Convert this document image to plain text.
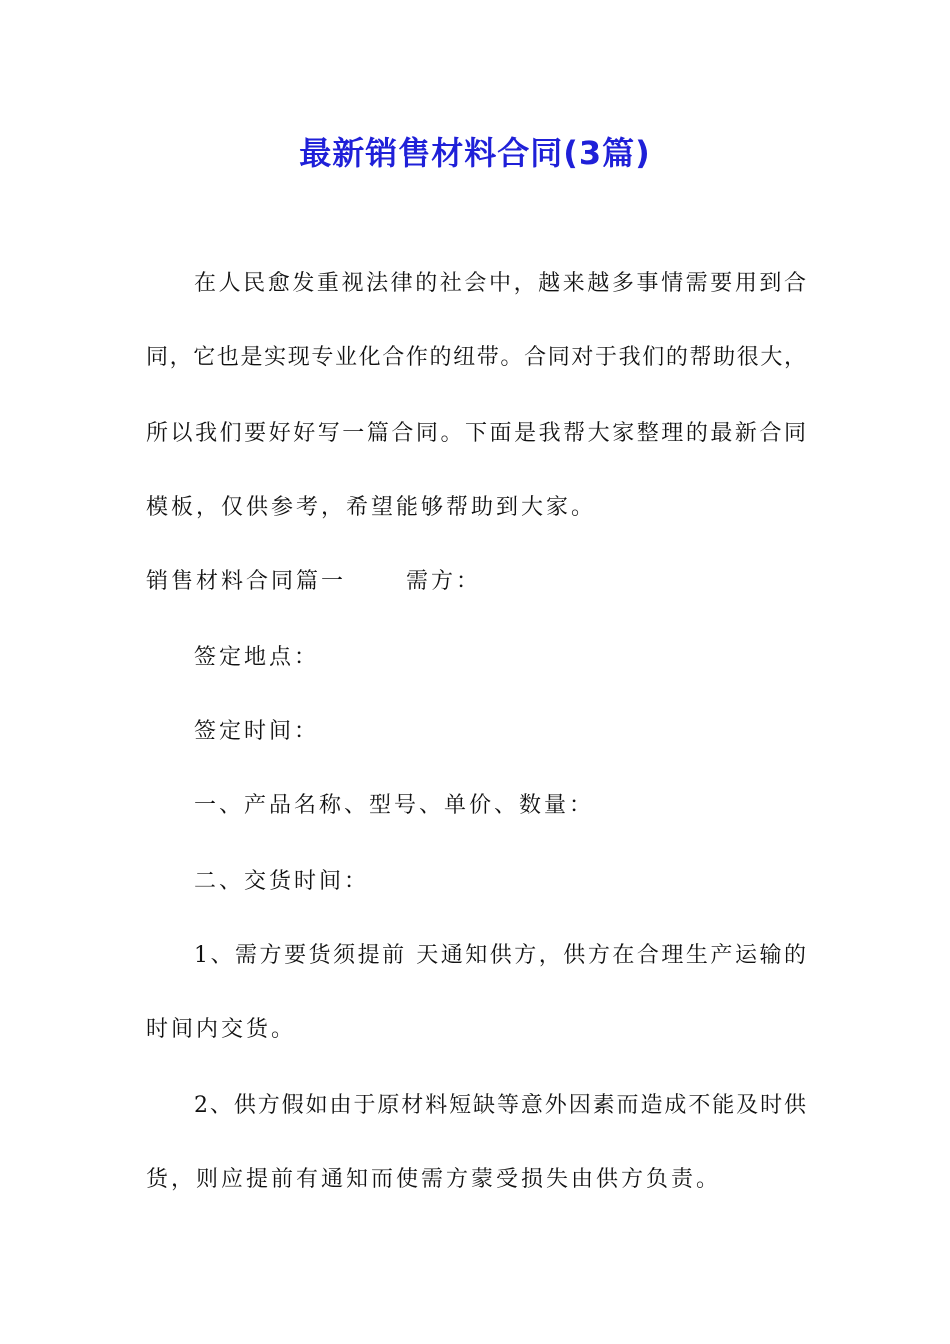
最新销售材料合同(3篇)
在人民愈发重视法律的社会中，越来越多事情需要用到合
同，它也是实现专业化合作的纽带。合同对于我们的帮助很大，
所以我们要好好写一篇合同。下面是我帮大家整理的最新合同
模板，仅供参考，希望能够帮助到大家。
销售材料合同篇一	需方：
签定地点：
签定时间：
一、产品名称、型号、单价、数量：
二、交货时间：
1、需方要货须提前 天通知供方，供方在合理生产运输的
时间内交货。
2、供方假如由于原材料短缺等意外因素而造成不能及时供
货，则应提前有通知而使需方蒙受损失由供方负责。
